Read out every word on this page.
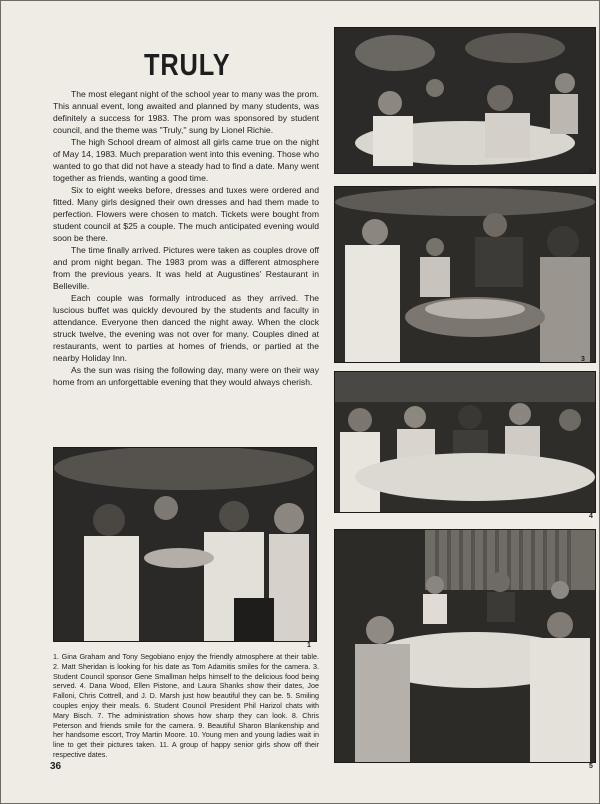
TRULY

The most elegant night of the school year to many was the prom. This annual event, long awaited and planned by many students, was definitely a success for 1983. The prom was sponsored by student council, and the theme was ''Truly,'' sung by Lionel Richie.

The high School dream of almost all girls came true on the night of May 14, 1983. Much preparation went into this evening. Those who wanted to go that did not have a steady had to find a date. Many went together as friends, wanting a good time.

Six to eight weeks before, dresses and tuxes were ordered and fitted. Many girls designed their own dresses and had them made to perfection. Flowers were chosen to match. Tickets were bought from student council at $25 a couple. The much anticipated evening would soon be there.

The time finally arrived. Pictures were taken as couples drove off and prom night began. The 1983 prom was a different atmosphere from the previous years. It was held at Augustines' Restaurant in Belleville.

Each couple was formally introduced as they arrived. The luscious buffet was quickly devoured by the students and faculty in attendance. Everyone then danced the night away. When the clock struck twelve, the evening was not over for many. Couples dined at restaurants, went to parties at homes of friends, or partied at the nearby Holiday Inn.

As the sun was rising the following day, many were on their way home from an unforgettable evening that they would always cherish.

2
3
4
1
5
1. Gina Graham and Tony Segobiano enjoy the friendly atmosphere at their table. 2. Matt Sheridan is looking for his date as Tom Adamitis smiles for the camera. 3. Student Council sponsor Gene Smallman helps himself to the delicious food being served. 4. Dana Wood, Ellen Pistone, and Laura Shanks show their dates, Joe Falloni, Chris Cottrell, and J. D. Marsh just how beautiful they can be. 5. Smiling couples enjoy their meals. 6. Student Council President Phil Harizol chats with Mary Bisch. 7. The administration shows how sharp they can look. 8. Chris Peterson and friends smile for the camera. 9. Beautiful Sharon Blankenship and her handsome escort, Troy Martin Moore. 10. Young men and young ladies wait in line to get their pictures taken. 11. A group of happy senior girls show off their respective dates.
36
